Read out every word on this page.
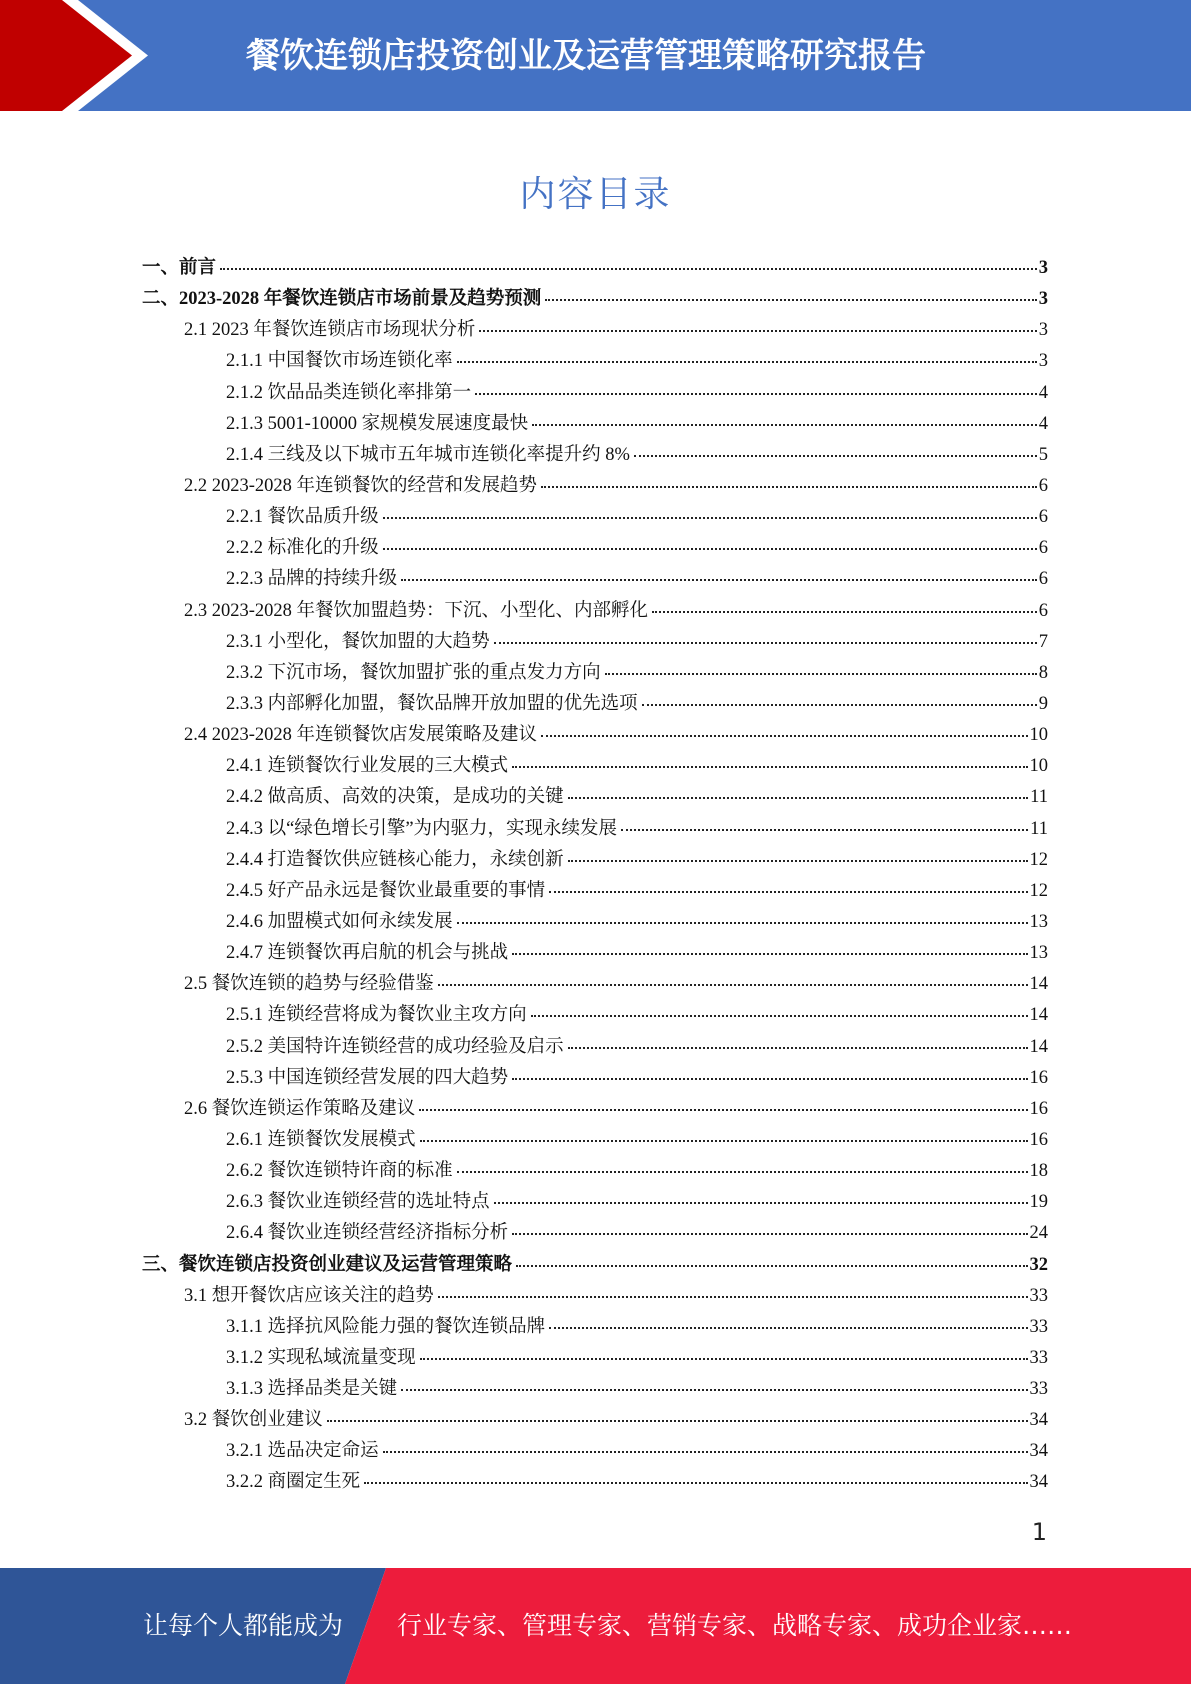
餐饮连锁店投资创业及运营管理策略研究报告
内容目录
一、前言	3
二、2023-2028 年餐饮连锁店市场前景及趋势预测	3
2.1 2023 年餐饮连锁店市场现状分析	3
2.1.1 中国餐饮市场连锁化率	3
2.1.2 饮品品类连锁化率排第一	4
2.1.3 5001-10000 家规模发展速度最快	4
2.1.4 三线及以下城市五年城市连锁化率提升约 8%	5
2.2 2023-2028 年连锁餐饮的经营和发展趋势	6
2.2.1 餐饮品质升级	6
2.2.2 标准化的升级	6
2.2.3 品牌的持续升级	6
2.3 2023-2028 年餐饮加盟趋势：下沉、小型化、内部孵化	6
2.3.1 小型化，餐饮加盟的大趋势	7
2.3.2 下沉市场，餐饮加盟扩张的重点发力方向	8
2.3.3 内部孵化加盟，餐饮品牌开放加盟的优先选项	9
2.4 2023-2028 年连锁餐饮店发展策略及建议	10
2.4.1 连锁餐饮行业发展的三大模式	10
2.4.2 做高质、高效的决策，是成功的关键	11
2.4.3 以“绿色增长引擎”为内驱力，实现永续发展	11
2.4.4 打造餐饮供应链核心能力，永续创新	12
2.4.5 好产品永远是餐饮业最重要的事情	12
2.4.6 加盟模式如何永续发展	13
2.4.7 连锁餐饮再启航的机会与挑战	13
2.5 餐饮连锁的趋势与经验借鉴	14
2.5.1 连锁经营将成为餐饮业主攻方向	14
2.5.2 美国特许连锁经营的成功经验及启示	14
2.5.3 中国连锁经营发展的四大趋势	16
2.6 餐饮连锁运作策略及建议	16
2.6.1 连锁餐饮发展模式	16
2.6.2 餐饮连锁特许商的标准	18
2.6.3 餐饮业连锁经营的选址特点	19
2.6.4 餐饮业连锁经营经济指标分析	24
三、餐饮连锁店投资创业建议及运营管理策略	32
3.1 想开餐饮店应该关注的趋势	33
3.1.1 选择抗风险能力强的餐饮连锁品牌	33
3.1.2 实现私域流量变现	33
3.1.3 选择品类是关键	33
3.2 餐饮创业建议	34
3.2.1 选品决定命运	34
3.2.2 商圈定生死	34
1
让每个人都能成为 行业专家、管理专家、营销专家、战略专家、成功企业家……
